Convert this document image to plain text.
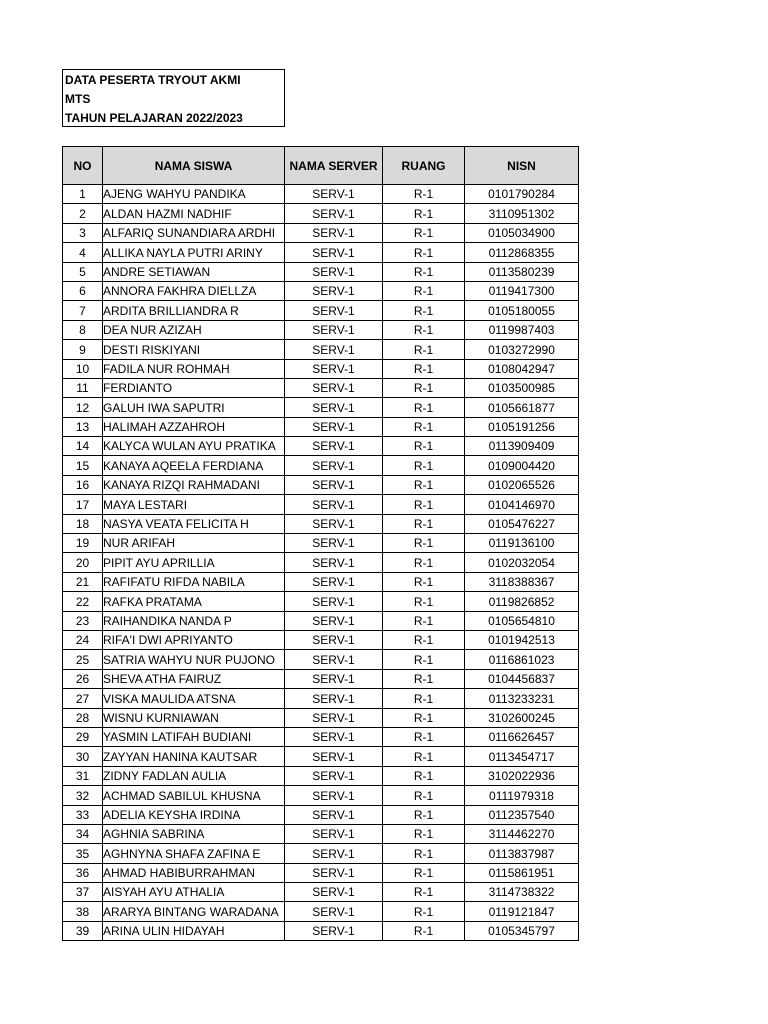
DATA PESERTA TRYOUT AKMI
MTS
TAHUN PELAJARAN 2022/2023
NO	NAMA SISWA	NAMA SERVER	RUANG	NISN
1	AJENG WAHYU PANDIKA	SERV-1	R-1	0101790284
2	ALDAN HAZMI NADHIF	SERV-1	R-1	3110951302
3	ALFARIQ SUNANDIARA ARDHI	SERV-1	R-1	0105034900
4	ALLIKA NAYLA PUTRI ARINY	SERV-1	R-1	0112868355
5	ANDRE SETIAWAN	SERV-1	R-1	0113580239
6	ANNORA FAKHRA DIELLZA	SERV-1	R-1	0119417300
7	ARDITA BRILLIANDRA R	SERV-1	R-1	0105180055
8	DEA NUR AZIZAH	SERV-1	R-1	0119987403
9	DESTI RISKIYANI	SERV-1	R-1	0103272990
10	FADILA NUR ROHMAH	SERV-1	R-1	0108042947
11	FERDIANTO	SERV-1	R-1	0103500985
12	GALUH IWA SAPUTRI	SERV-1	R-1	0105661877
13	HALIMAH AZZAHROH	SERV-1	R-1	0105191256
14	KALYCA WULAN AYU PRATIKA	SERV-1	R-1	0113909409
15	KANAYA AQEELA FERDIANA	SERV-1	R-1	0109004420
16	KANAYA RIZQI RAHMADANI	SERV-1	R-1	0102065526
17	MAYA LESTARI	SERV-1	R-1	0104146970
18	NASYA VEATA FELICITA H	SERV-1	R-1	0105476227
19	NUR ARIFAH	SERV-1	R-1	0119136100
20	PIPIT AYU APRILLIA	SERV-1	R-1	0102032054
21	RAFIFATU RIFDA NABILA	SERV-1	R-1	3118388367
22	RAFKA PRATAMA	SERV-1	R-1	0119826852
23	RAIHANDIKA NANDA P	SERV-1	R-1	0105654810
24	RIFA'I DWI APRIYANTO	SERV-1	R-1	0101942513
25	SATRIA WAHYU NUR PUJONO	SERV-1	R-1	0116861023
26	SHEVA ATHA FAIRUZ	SERV-1	R-1	0104456837
27	VISKA MAULIDA ATSNA	SERV-1	R-1	0113233231
28	WISNU KURNIAWAN	SERV-1	R-1	3102600245
29	YASMIN LATIFAH BUDIANI	SERV-1	R-1	0116626457
30	ZAYYAN HANINA KAUTSAR	SERV-1	R-1	0113454717
31	ZIDNY FADLAN AULIA	SERV-1	R-1	3102022936
32	ACHMAD SABILUL KHUSNA	SERV-1	R-1	0111979318
33	ADELIA KEYSHA IRDINA	SERV-1	R-1	0112357540
34	AGHNIA SABRINA	SERV-1	R-1	3114462270
35	AGHNYNA SHAFA ZAFINA E	SERV-1	R-1	0113837987
36	AHMAD HABIBURRAHMAN	SERV-1	R-1	0115861951
37	AISYAH AYU ATHALIA	SERV-1	R-1	3114738322
38	ARARYA BINTANG WARADANA	SERV-1	R-1	0119121847
39	ARINA ULIN HIDAYAH	SERV-1	R-1	0105345797
